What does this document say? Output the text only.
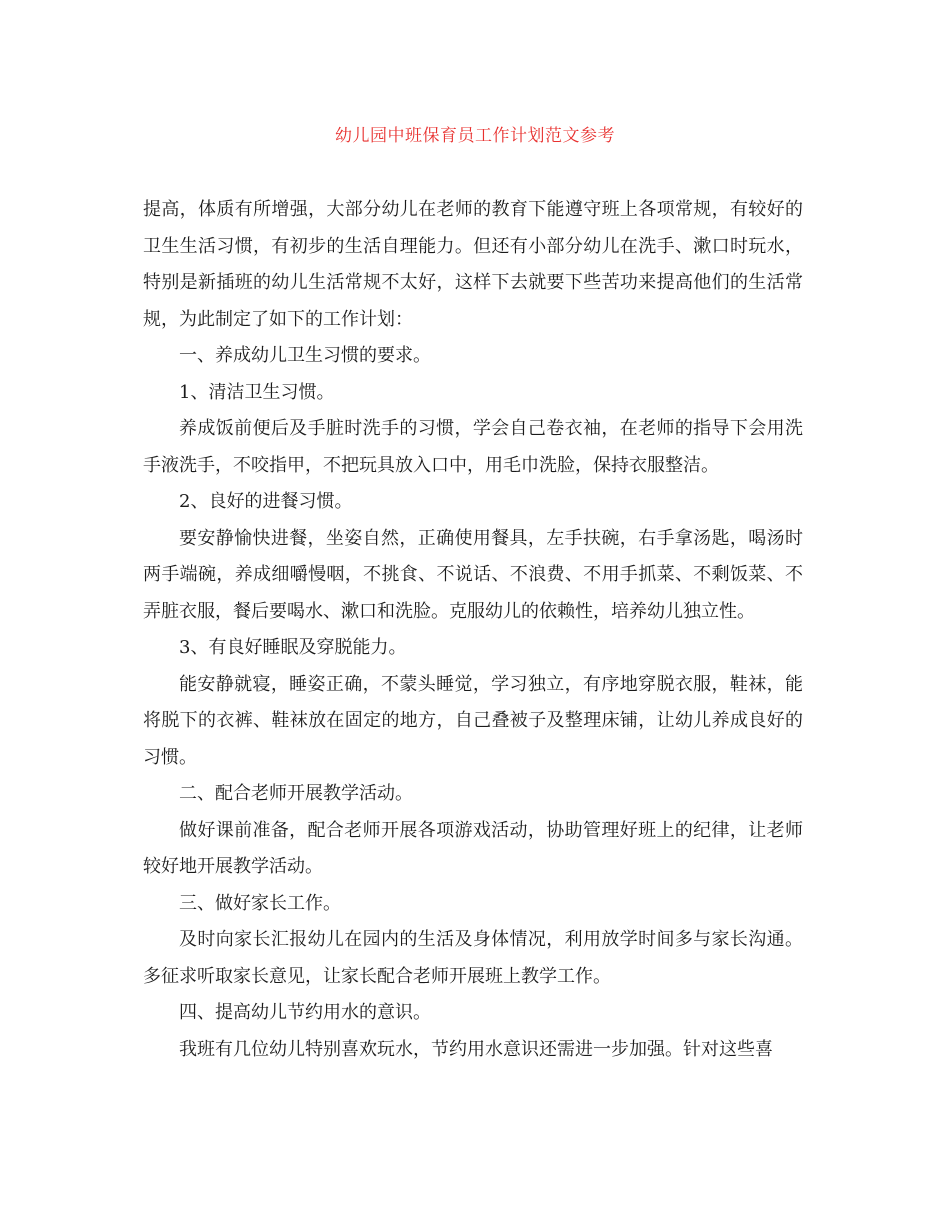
幼儿园中班保育员工作计划范文参考

提高，体质有所增强，大部分幼儿在老师的教育下能遵守班上各项常规，有较好的卫生生活习惯，有初步的生活自理能力。但还有小部分幼儿在洗手、漱口时玩水，特别是新插班的幼儿生活常规不太好，这样下去就要下些苦功来提高他们的生活常规，为此制定了如下的工作计划：

一、养成幼儿卫生习惯的要求。

1、清洁卫生习惯。

养成饭前便后及手脏时洗手的习惯，学会自己卷衣袖，在老师的指导下会用洗手液洗手，不咬指甲，不把玩具放入口中，用毛巾洗脸，保持衣服整洁。

2、良好的进餐习惯。

要安静愉快进餐，坐姿自然，正确使用餐具，左手扶碗，右手拿汤匙，喝汤时两手端碗，养成细嚼慢咽，不挑食、不说话、不浪费、不用手抓菜、不剩饭菜、不弄脏衣服，餐后要喝水、漱口和洗脸。克服幼儿的依赖性，培养幼儿独立性。

3、有良好睡眠及穿脱能力。

能安静就寝，睡姿正确，不蒙头睡觉，学习独立，有序地穿脱衣服，鞋袜，能将脱下的衣裤、鞋袜放在固定的地方，自己叠被子及整理床铺，让幼儿养成良好的习惯。

二、配合老师开展教学活动。

做好课前准备，配合老师开展各项游戏活动，协助管理好班上的纪律，让老师较好地开展教学活动。

三、做好家长工作。

及时向家长汇报幼儿在园内的生活及身体情况，利用放学时间多与家长沟通。多征求听取家长意见，让家长配合老师开展班上教学工作。

四、提高幼儿节约用水的意识。

我班有几位幼儿特别喜欢玩水，节约用水意识还需进一步加强。针对这些喜
